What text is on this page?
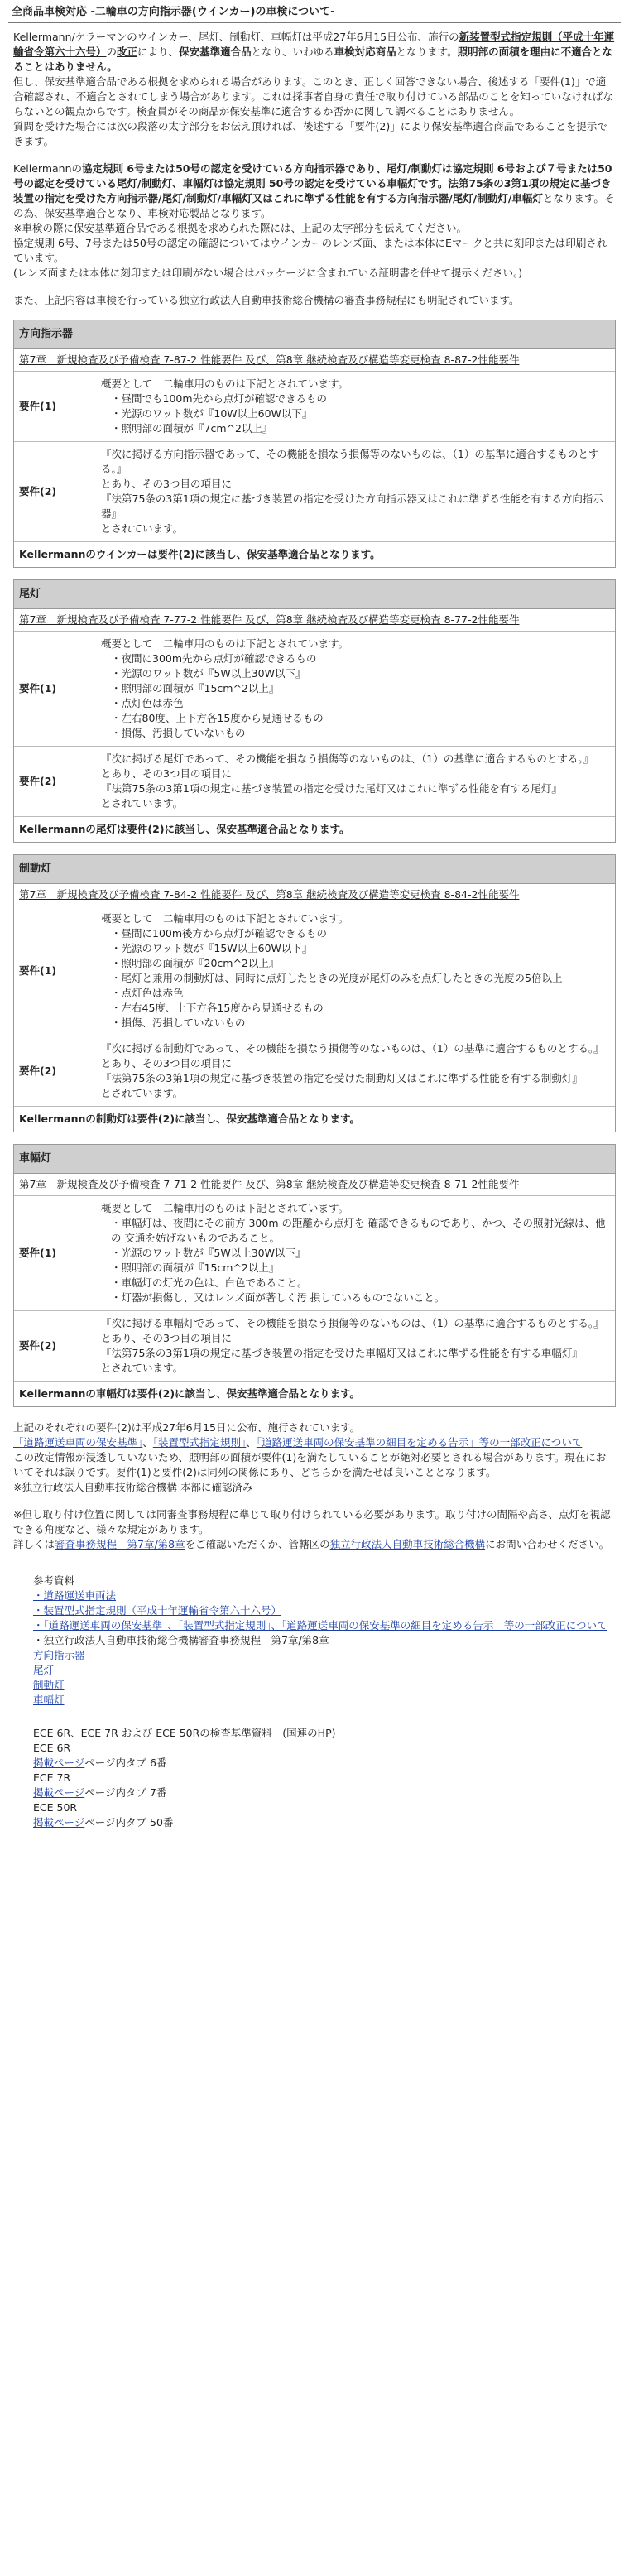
全商品車検対応 -二輪車の方向指示器(ウインカー)の車検について-

Kellermann/ケラーマンのウインカー、尾灯、制動灯、車幅灯は平成27年6月15日公布、施行の新装置型式指定規則（平成十年運輸省令第六十六号）の改正により、保安基準適合品となり、いわゆる車検対応商品となります。照明部の面積を理由に不適合となることはありません。

但し、保安基準適合品である根拠を求められる場合があります。このとき、正しく回答できない場合、後述する「要件(1)」で適合確認され、不適合とされてしまう場合があります。これは採事者自身の責任で取り付けている部品のことを知っていなければならないとの観点からです。検査員がその商品が保安基準に適合するか否かに関して調べることはありません。

質問を受けた場合には次の段落の太字部分をお伝え頂ければ、後述する「要件(2)」により保安基準適合商品であることを提示できます。

Kellermannの協定規則 6号または50号の認定を受けている方向指示器であり、尾灯/制動灯は協定規則 6号および７号または50号の認定を受けている尾灯/制動灯、車幅灯は協定規則 50号の認定を受けている車幅灯です。法第75条の3第1項の規定に基づき装置の指定を受けた方向指示器/尾灯/制動灯/車幅灯又はこれに準ずる性能を有する方向指示器/尾灯/制動灯/車幅灯となります。その為、保安基準適合となり、車検対応製品となります。

※車検の際に保安基準適合品である根拠を求められた際には、上記の太字部分を伝えてください。

協定規則 6号、7号または50号の認定の確認についてはウインカーのレンズ面、または本体にEマークと共に刻印または印刷されています。

(レンズ面または本体に刻印または印刷がない場合はパッケージに含まれている証明書を併せて提示ください。)

また、上記内容は車検を行っている独立行政法人自動車技術総合機構の審査事務規程にも明記されています。

方向指示器
第7章　新規検査及び予備検査 7-87-2 性能要件 及び、第8章 継続検査及び構造等変更検査 8-87-2性能要件
要件(1)
概要として　二輪車用のものは下記とされています。
・昼間でも100m先から点灯が確認できるもの
・光源のワット数が『10W以上60W以下』
・照明部の面積が『7cm^2以上』
要件(2)
『次に掲げる方向指示器であって、その機能を損なう損傷等のないものは、（1）の基準に適合するものとする。』
とあり、その3つ目の項目に
『法第75条の3第1項の規定に基づき装置の指定を受けた方向指示器又はこれに準ずる性能を有する方向指示器』
とされています。
Kellermannのウインカーは要件(2)に該当し、保安基準適合品となります。
尾灯
第7章　新規検査及び予備検査 7-77-2 性能要件 及び、第8章 継続検査及び構造等変更検査 8-77-2性能要件
要件(1)
概要として　二輪車用のものは下記とされています。
・夜間に300m先から点灯が確認できるもの
・光源のワット数が『5W以上30W以下』
・照明部の面積が『15cm^2以上』
・点灯色は赤色
・左右80度、上下方各15度から見通せるもの
・損傷、汚損していないもの
要件(2)
『次に掲げる尾灯であって、その機能を損なう損傷等のないものは、（1）の基準に適合するものとする。』
とあり、その3つ目の項目に
『法第75条の3第1項の規定に基づき装置の指定を受けた尾灯又はこれに準ずる性能を有する尾灯』
とされています。
Kellermannの尾灯は要件(2)に該当し、保安基準適合品となります。
制動灯
第7章　新規検査及び予備検査 7-84-2 性能要件 及び、第8章 継続検査及び構造等変更検査 8-84-2性能要件
要件(1)
概要として　二輪車用のものは下記とされています。
・昼間に100m後方から点灯が確認できるもの
・光源のワット数が『15W以上60W以下』
・照明部の面積が『20cm^2以上』
・尾灯と兼用の制動灯は、同時に点灯したときの光度が尾灯のみを点灯したときの光度の5倍以上
・点灯色は赤色
・左右45度、上下方各15度から見通せるもの
・損傷、汚損していないもの
要件(2)
『次に掲げる制動灯であって、その機能を損なう損傷等のないものは、（1）の基準に適合するものとする。』
とあり、その3つ目の項目に
『法第75条の3第1項の規定に基づき装置の指定を受けた制動灯又はこれに準ずる性能を有する制動灯』
とされています。
Kellermannの制動灯は要件(2)に該当し、保安基準適合品となります。
車幅灯
第7章　新規検査及び予備検査 7-71-2 性能要件 及び、第8章 継続検査及び構造等変更検査 8-71-2性能要件
要件(1)
概要として　二輪車用のものは下記とされています。
・車幅灯は、夜間にその前方 300m の距離から点灯を 確認できるものであり、かつ、その照射光線は、他の 交通を妨げないものであること。
・光源のワット数が『5W以上30W以下』
・照明部の面積が『15cm^2以上』
・車幅灯の灯光の色は、白色であること。
・灯器が損傷し、又はレンズ面が著しく汚 損しているものでないこと。
要件(2)
『次に掲げる車幅灯であって、その機能を損なう損傷等のないものは、（1）の基準に適合するものとする。』
とあり、その3つ目の項目に
『法第75条の3第1項の規定に基づき装置の指定を受けた車幅灯又はこれに準ずる性能を有する車幅灯』
とされています。
Kellermannの車幅灯は要件(2)に該当し、保安基準適合品となります。

上記のそれぞれの要件(2)は平成27年6月15日に公布、施行されています。

「道路運送車両の保安基準」、「装置型式指定規則」、「道路運送車両の保安基準の細目を定める告示」等の一部改正について

この改定情報が浸透していないため、照明部の面積が要件(1)を満たしていることが絶対必要とされる場合があります。現在においてそれは誤りです。要件(1)と要件(2)は同列の関係にあり、どちらかを満たせば良いこととなります。

※独立行政法人自動車技術総合機構 本部に確認済み

※但し取り付け位置に関しては同審査事務規程に準じて取り付けられている必要があります。取り付けの間隔や高さ、点灯を視認できる角度など、様々な規定があります。

詳しくは審査事務規程　第7章/第8章をご確認いただくか、管轄区の独立行政法人自動車技術総合機構にお問い合わせください。

参考資料
・道路運送車両法
・装置型式指定規則（平成十年運輸省令第六十六号）
・「道路運送車両の保安基準」、「装置型式指定規則」、「道路運送車両の保安基準の細目を定める告示」等の一部改正について
・独立行政法人自動車技術総合機構審査事務規程　第7章/第8章
方向指示器
尾灯
制動灯
車幅灯
ECE 6R、ECE 7R および ECE 50Rの検査基準資料　(国連のHP)
ECE 6R
掲載ページページ内タブ 6番
ECE 7R
掲載ページページ内タブ 7番
ECE 50R
掲載ページページ内タブ 50番
